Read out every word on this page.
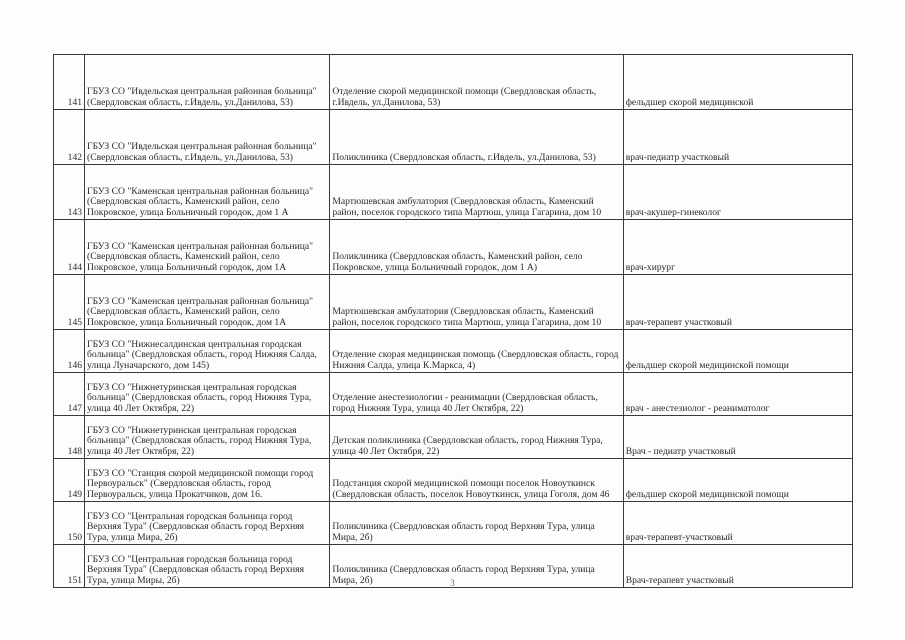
141	ГБУЗ СО "Ивдельская центральная районная больница" (Свердловская область, г.Ивдель, ул.Данилова, 53)	Отделение скорой медицинской помощи (Свердловская область, г.Ивдель, ул.Данилова, 53)	фельдшер скорой медицинской
142	ГБУЗ СО "Ивдельская центральная районная больница" (Свердловская область, г.Ивдель, ул.Данилова, 53)	Поликлиника (Свердловская область, г.Ивдель, ул.Данилова, 53)	врач-педиатр участковый
143	ГБУЗ СО "Каменская центральная районная больница" (Свердловская область, Каменский район, село Покровское, улица Больничный городок, дом 1 А	Мартюшевская амбулатория (Свердловская область, Каменский район, поселок городского типа Мартюш, улица Гагарина, дом 10	врач-акушер-гинеколог
144	ГБУЗ СО "Каменская центральная районная больница" (Свердловская область, Каменский район, село Покровское, улица Больничный городок, дом 1А	Поликлиника (Свердловская область, Каменский район, село Покровское, улица Больничный городок, дом 1 А)	врач-хирург
145	ГБУЗ СО "Каменская центральная районная больница" (Свердловская область, Каменский район, село Покровское, улица Больничный городок, дом 1А	Мартюшевская амбулатория (Свердловская область, Каменский район, поселок городского типа Мартюш, улица Гагарина, дом 10	врач-терапевт участковый
146	ГБУЗ СО "Нижнесалдинская центральная городская больница" (Свердловская область, город Нижняя Салда, улица Луначарского, дом 145)	Отделение скорая медицинская помощь (Свердловская область, город Нижняя Салда, улица К.Маркса, 4)	фельдшер скорой медицинской помощи
147	ГБУЗ СО "Нижнетуринская центральная городская больница" (Свердловская область, город Нижняя Тура, улица 40 Лет Октября, 22)	Отделение анестезиологии - реанимации (Свердловская область, город Нижняя Тура, улица 40 Лет Октября, 22)	врач - анестезиолог - реаниматолог
148	ГБУЗ СО "Нижнетуринская центральная городская больница" (Свердловская область, город Нижняя Тура, улица 40 Лет Октября, 22)	Детская поликлиника (Свердловская область, город Нижняя Тура, улица 40 Лет Октября, 22)	Врач - педиатр участковый
149	ГБУЗ СО "Станция скорой медицинской помощи город Первоуральск" (Свердловская область, город Первоуральск, улица Прокатчиков, дом 16.	Подстанция скорой медицинской помощи поселок Новоуткинск (Свердловская область, поселок Новоуткинск, улица Гоголя, дом 46	фельдшер скорой медицинской помощи
150	ГБУЗ СО "Центральная городская больница город Верхняя Тура" (Свердловская область город Верхняя Тура, улица Мира, 2б)	Поликлиника (Свердловская область город Верхняя Тура, улица Мира, 2б)	врач-терапевт-участковый
151	ГБУЗ СО "Центральная городская больница город Верхняя Тура" (Свердловская область город Верхняя Тура, улица Миры, 2б)	Поликлиника (Свердловская область город Верхняя Тура, улица Мира, 2б)	Врач-терапевт участковый
3
